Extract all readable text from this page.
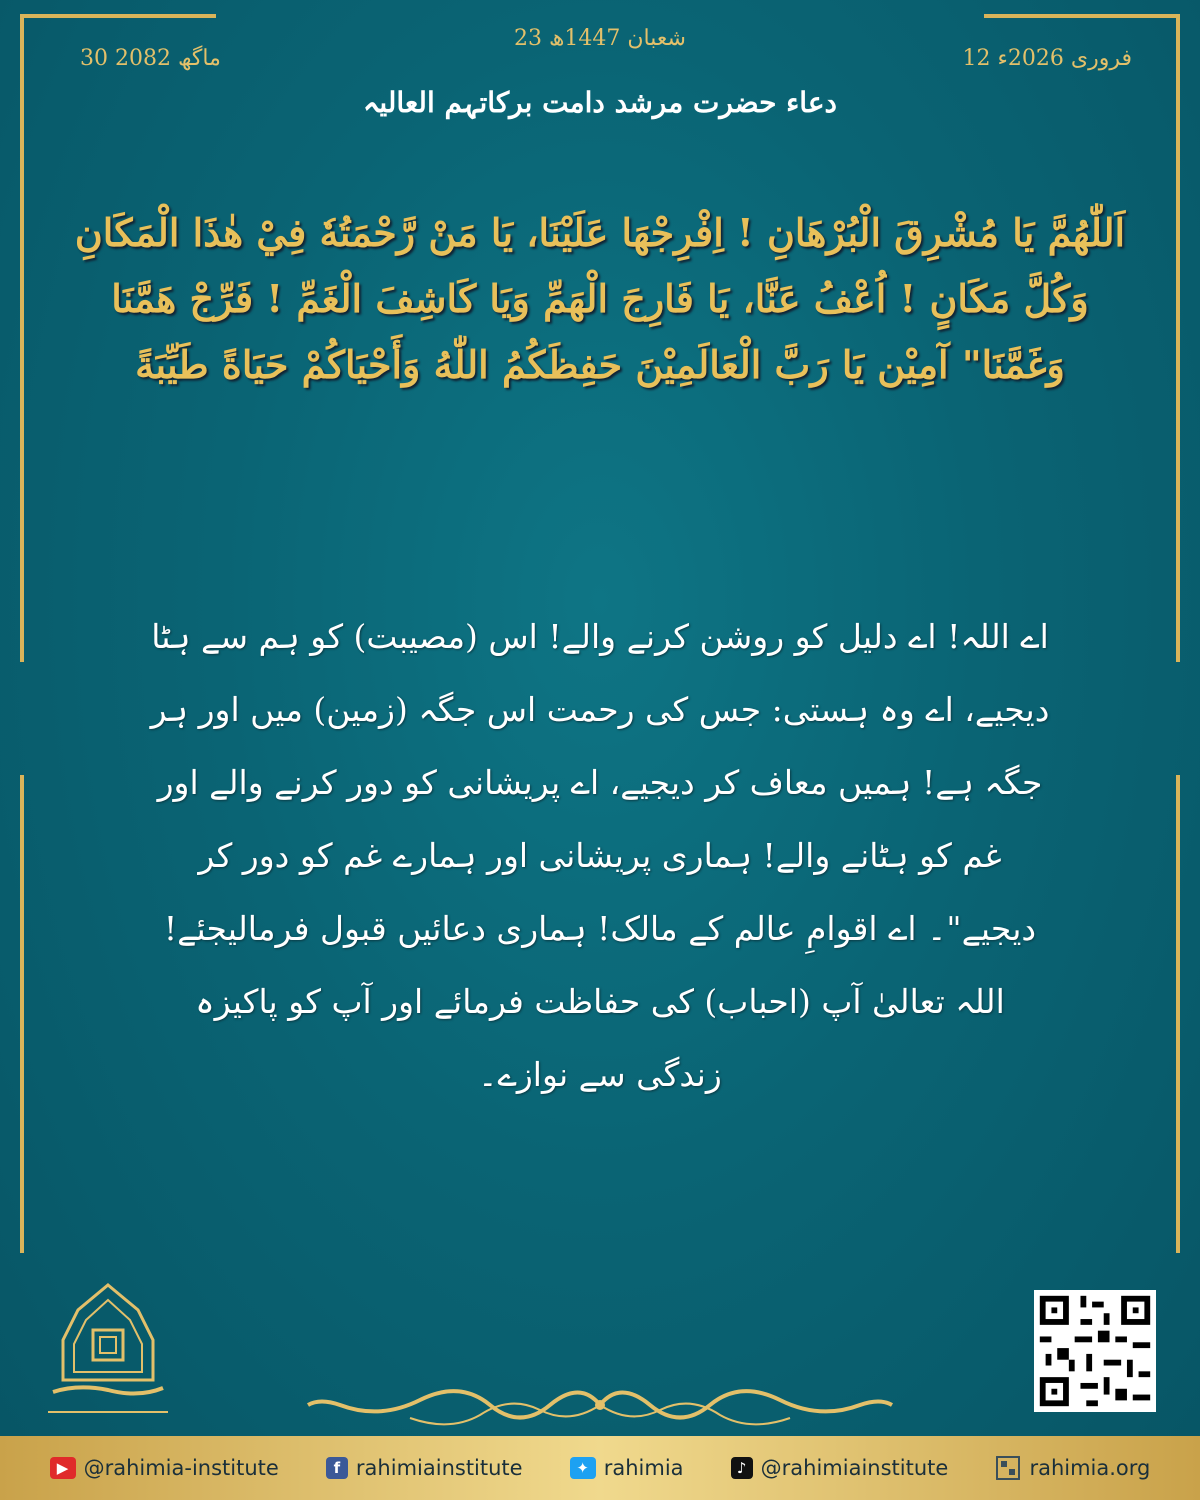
23 شعبان 1447ھ
30 ماگھ 2082	12 فروری 2026ء
دعاء حضرت مرشد دامت برکاتہم العالیہ
اَللّٰهُمَّ يَا مُشْرِقَ الْبُرْهَانِ ! اِفْرِجْهَا عَلَيْنَا، يَا مَنْ رَّحْمَتُهٗ فِيْ هٰذَا الْمَكَانِ وَكُلَّ مَكَانٍ ! اُعْفُ عَنَّا، يَا فَارِجَ الْهَمِّ وَيَا كَاشِفَ الْغَمِّ ! فَرِّجْ هَمَّنَا وَغَمَّنَا" آمِيْن يَا رَبَّ الْعَالَمِيْنَ حَفِظَكُمُ اللّٰهُ وَأَحْيَاكُمْ حَيَاةً طَيِّبَةً
اے اللہ! اے دلیل کو روشن کرنے والے! اس (مصیبت) کو ہم سے ہٹا دیجیے، اے وہ ہستی: جس کی رحمت اس جگہ (زمین) میں اور ہر جگہ ہے! ہمیں معاف کر دیجیے، اے پریشانی کو دور کرنے والے اور غم کو ہٹانے والے! ہماری پریشانی اور ہمارے غم کو دور کر دیجیے"۔ اے اقوامِ عالم کے مالک! ہماری دعائیں قبول فرمالیجئے! اللہ تعالیٰ آپ (احباب) کی حفاظت فرمائے اور آپ کو پاکیزہ زندگی سے نوازے۔
▶ @rahimia-institute	f rahimiainstitute	✦ rahimia	♪ @rahimiainstitute	rahimia.org
